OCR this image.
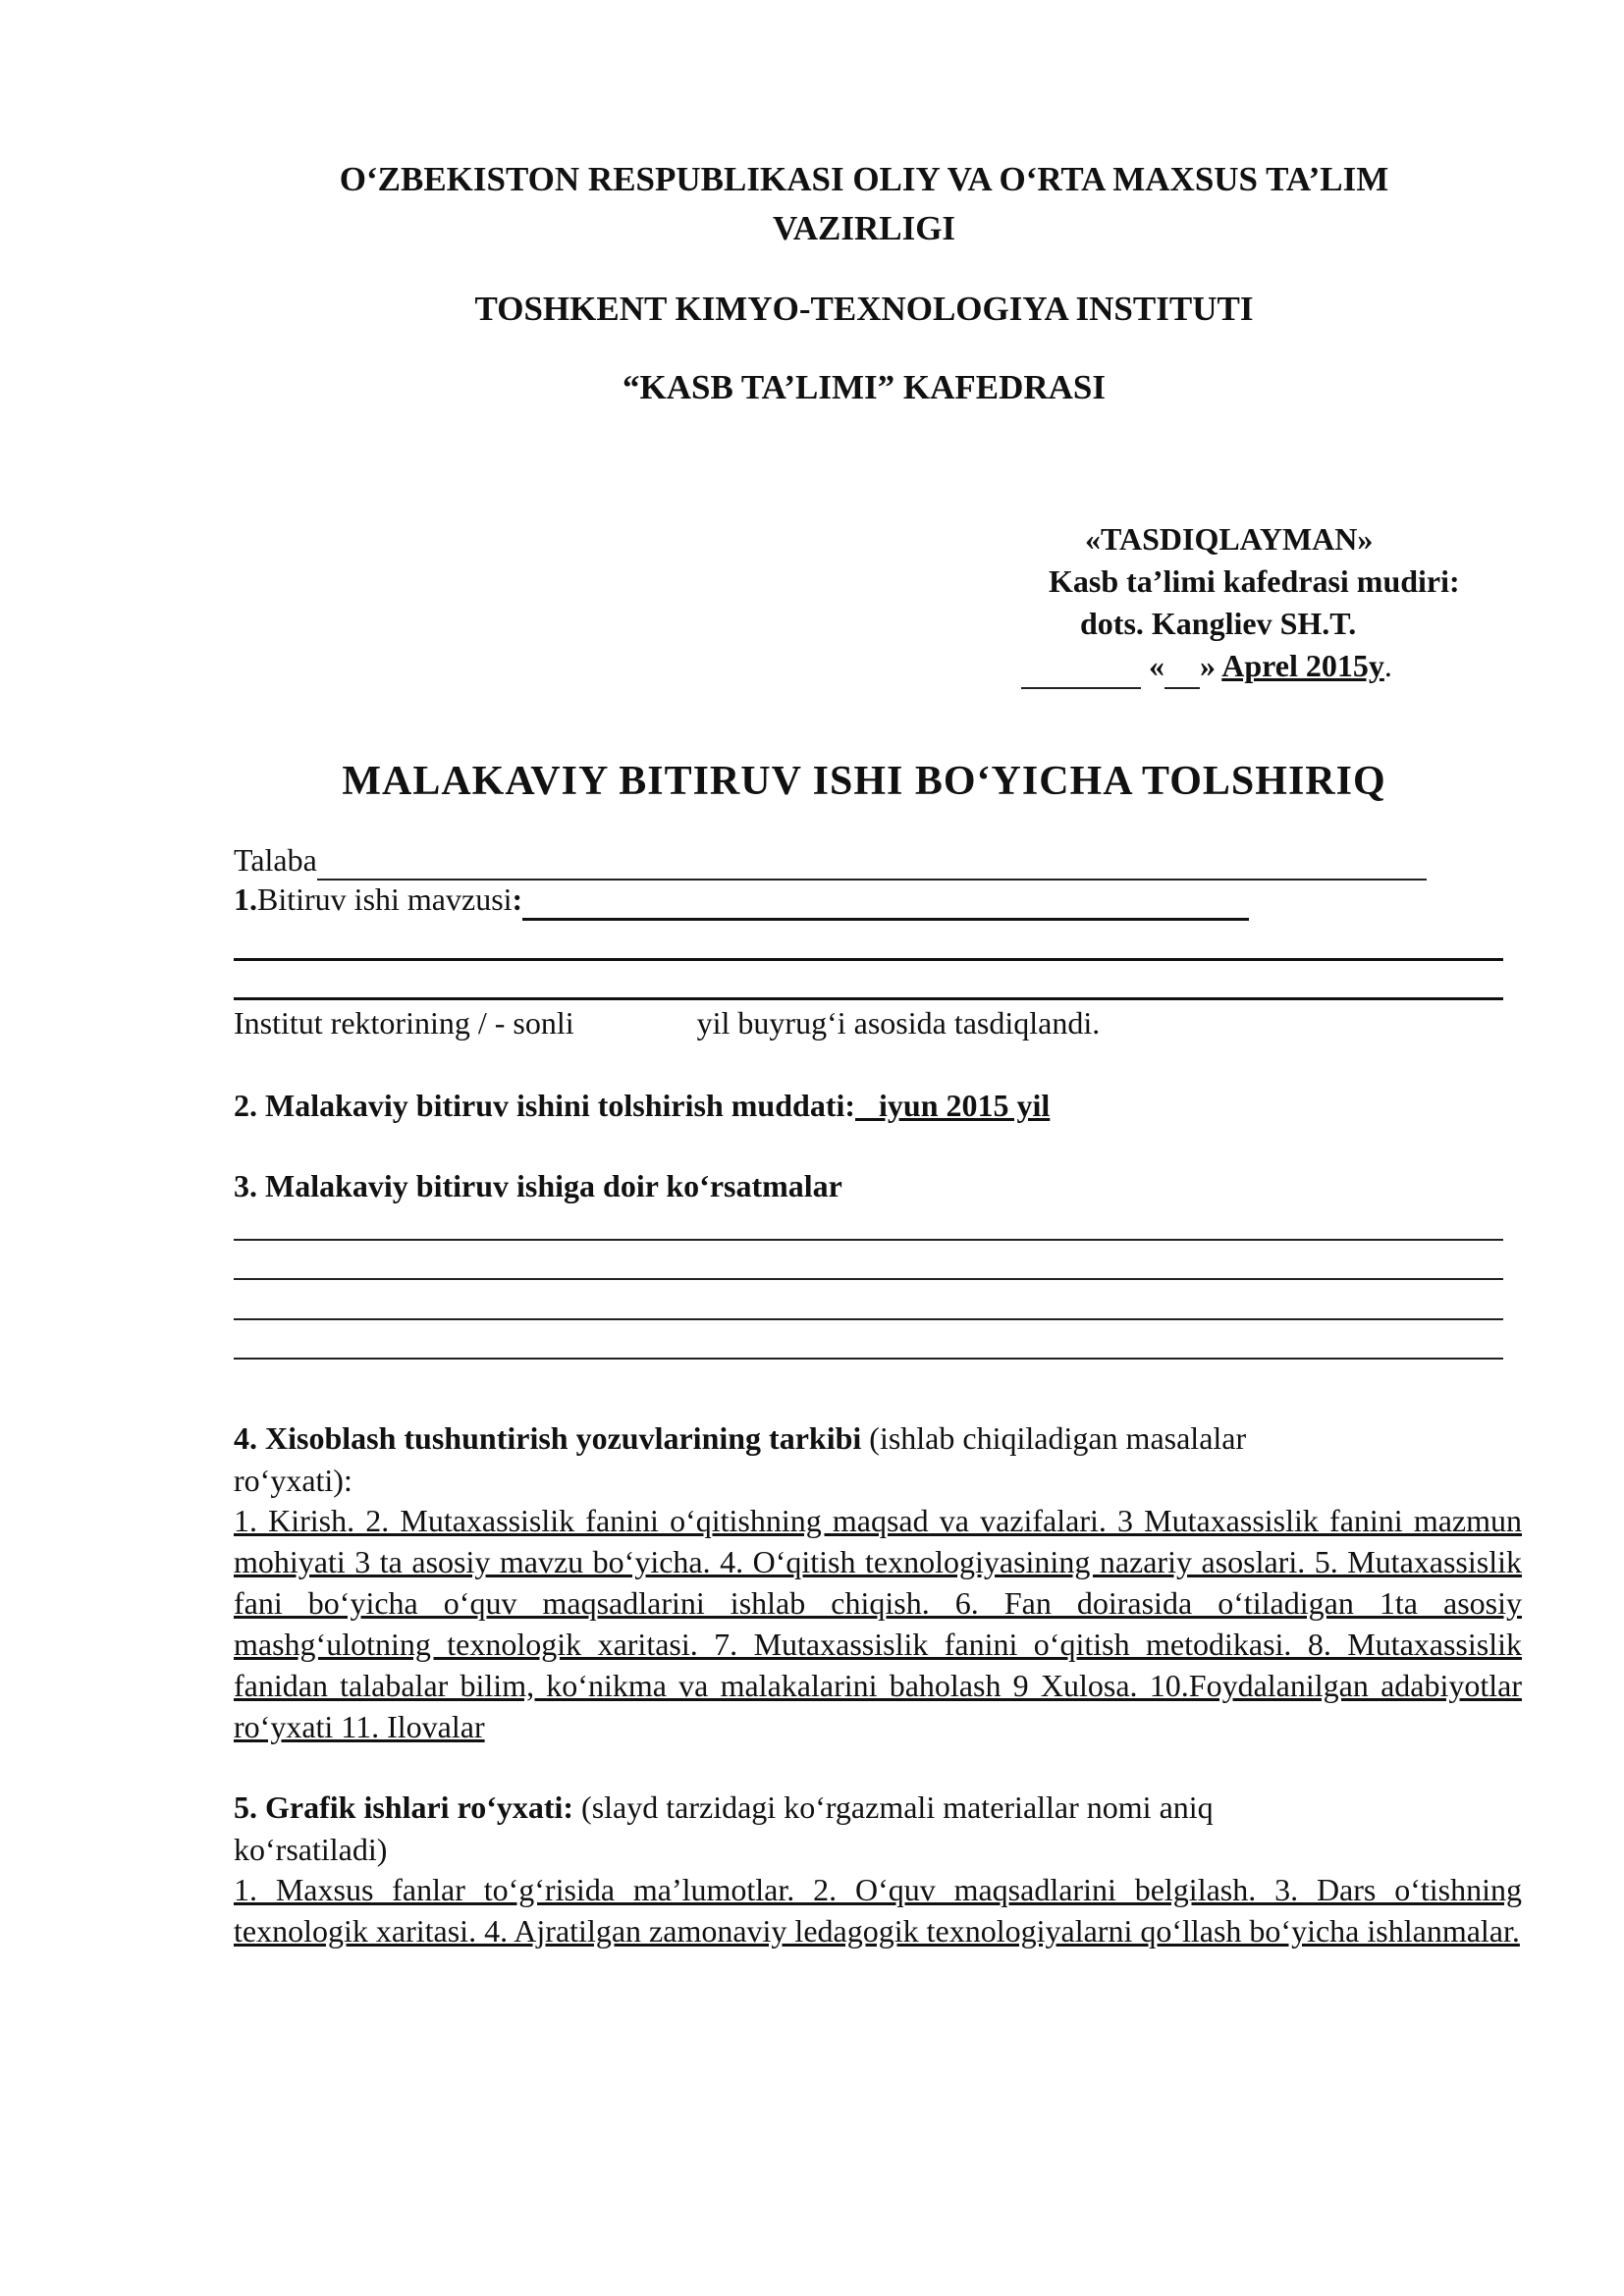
O‘ZBEKISTON RESPUBLIKASI OLIY VA O‘RTA MAXSUS TA’LIM
VAZIRLIGI
TOSHKENT KIMYO-TEXNOLOGIYA INSTITUTI
“KASB TA’LIMI” KAFEDRASI
«TASDIQLAYMAN»
Kasb ta’limi kafedrasi mudiri:
dots. Kangliev SH.T.
« » Aprel 2015y.
MALAKAVIY BITIRUV ISHI BO‘YICHA TOLSHIRIQ
Talaba
1.Bitiruv ishi mavzusi:
Institut rektorining / - sonli	yil buyrug‘i asosida tasdiqlandi.
2. Malakaviy bitiruv ishini tolshirish muddati:   iyun 2015 yil
3. Malakaviy bitiruv ishiga doir ko‘rsatmalar
4. Xisoblash tushuntirish yozuvlarining tarkibi (ishlab chiqiladigan masalalar
ro‘yxati):
1. Kirish. 2. Mutaxassislik fanini o‘qitishning maqsad va vazifalari. 3 Mutaxassislik fanini mazmun mohiyati 3 ta asosiy mavzu bo‘yicha. 4. O‘qitish texnologiyasining nazariy asoslari. 5. Mutaxassislik fani bo‘yicha o‘quv maqsadlarini ishlab chiqish. 6. Fan doirasida o‘tiladigan 1ta asosiy mashg‘ulotning texnologik xaritasi. 7. Mutaxassislik fanini o‘qitish metodikasi. 8. Mutaxassislik fanidan talabalar bilim, ko‘nikma va malakalarini baholash 9 Xulosa. 10.Foydalanilgan adabiyotlar ro‘yxati 11. Ilovalar
5. Grafik ishlari ro‘yxati: (slayd tarzidagi ko‘rgazmali materiallar nomi aniq
ko‘rsatiladi)
1. Maxsus fanlar to‘g‘risida ma’lumotlar. 2. O‘quv maqsadlarini belgilash. 3. Dars o‘tishning texnologik xaritasi. 4. Ajratilgan zamonaviy ledagogik texnologiyalarni qo‘llash bo‘yicha ishlanmalar.
